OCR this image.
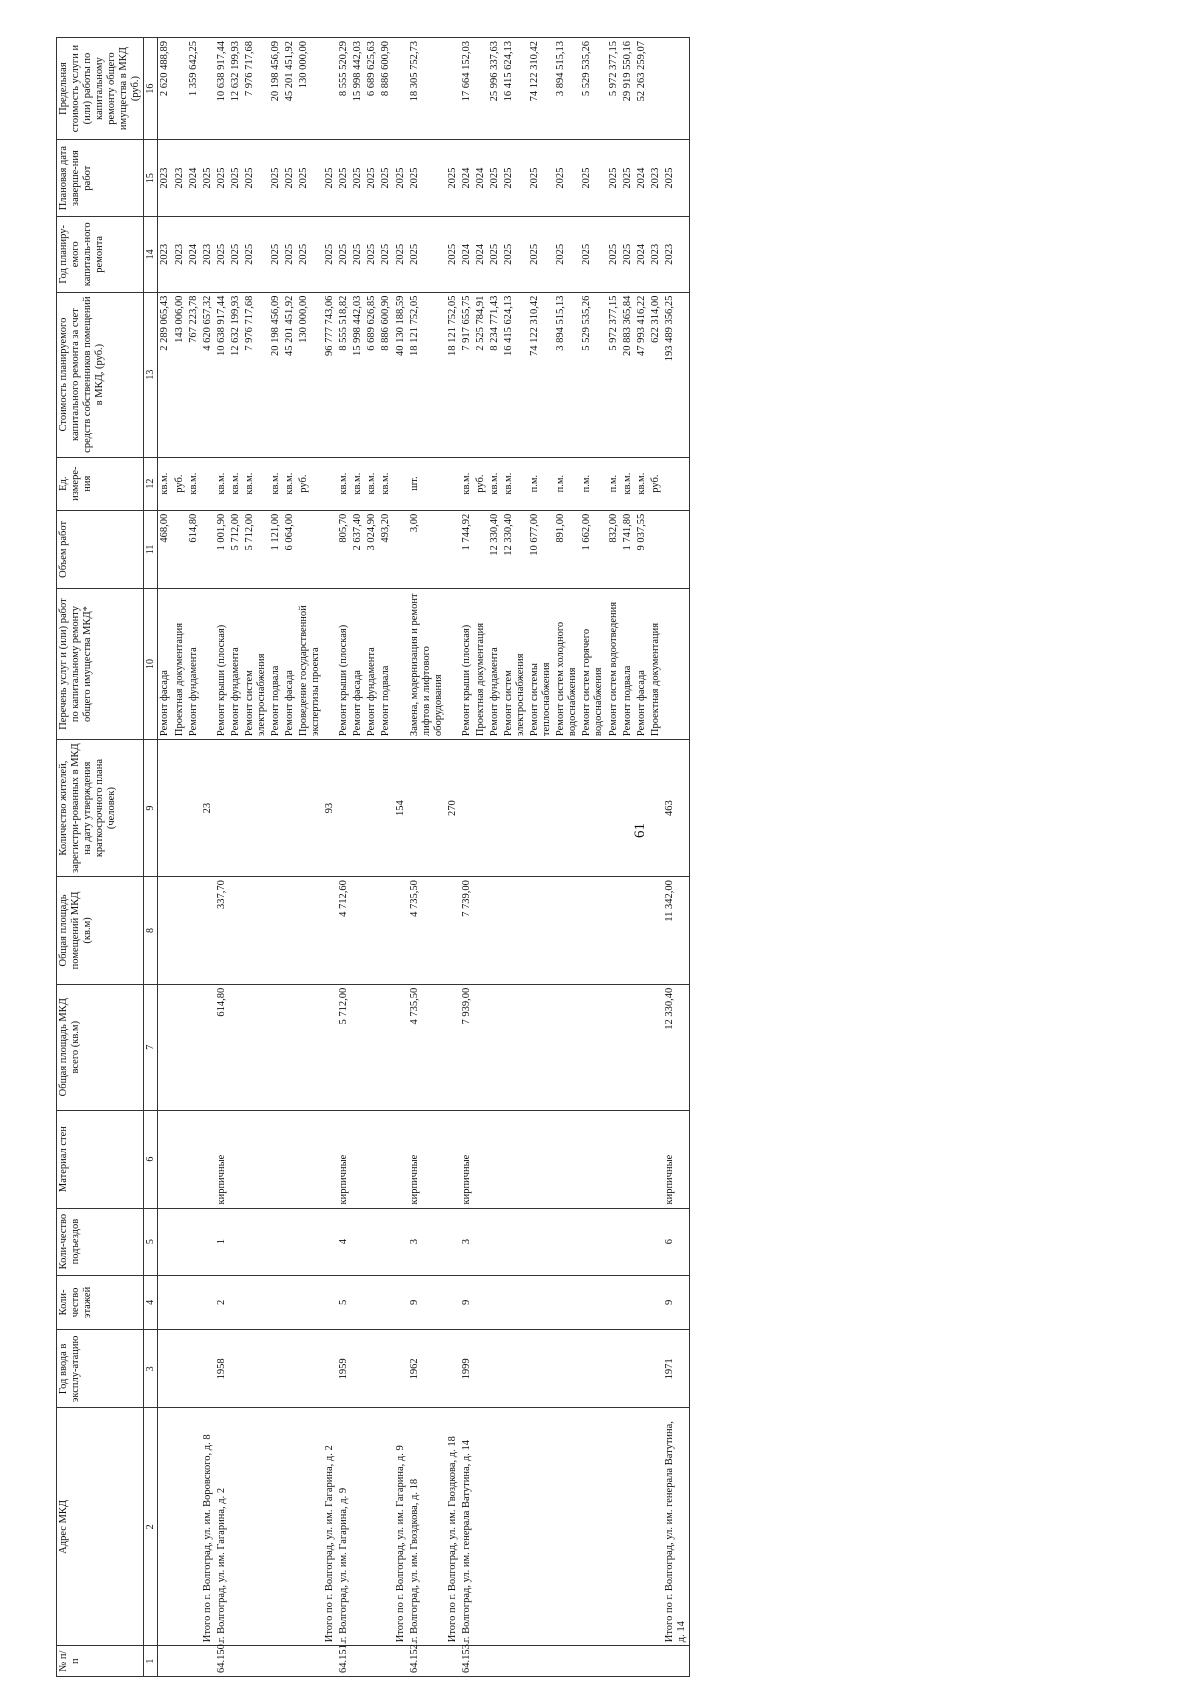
61
№ п/п	Адрес МКД	Год ввода в эксплу-атацию	Коли-чество этажей	Коли-чество подъездов	Материал стен	Общая площадь МКД всего (кв.м)	Общая площадь помещений МКД (кв.м)	Количество жителей, зарегистри-рованных в МКД на дату утверждения краткосрочного плана (человек)	Перечень услуг и (или) работ по капитальному ремонту общего имущества МКД*	Объем работ	Ед. измере-ния	Стоимость планируемого капитального ремонта за счет средств собственников помещений в МКД, (руб.)	Год планиру-емого капиталь-ного ремонта	Плановая дата заверше-ния работ	Предельная стоимость услуги и (или) работы по капитальному ремонту общего имущества в МКД (руб.)
1	2	3	4	5	6	7	8	9	10	11	12	13	14	15	16
									Ремонт фасада	468,00	кв.м.	2 289 065,43	2023	2023	2 620 488,89
									Проектная документация		руб.	143 006,00	2023	2023	
									Ремонт фундамента	614,80	кв.м.	767 223,78	2024	2024	1 359 642,25
	Итого по г. Волгоград, ул. им. Воровского, д. 8							23				4 620 657,32	2023	2025	
64.150.	г. Волгоград, ул. им. Гагарина, д. 2	1958	2	1	кирпичные	614,80	337,70		Ремонт крыши (плоская)	1 001,90	кв.м.	10 638 917,44	2025	2025	10 638 917,44
									Ремонт фундамента	5 712,00	кв.м.	12 632 199,93	2025	2025	12 632 199,93
									Ремонт систем электроснабжения	5 712,00	кв.м.	7 976 717,68	2025	2025	7 976 717,68
									Ремонт подвала	1 121,00	кв.м.	20 198 456,09	2025	2025	20 198 456,09
									Ремонт фасада	6 064,00	кв.м.	45 201 451,92	2025	2025	45 201 451,92
									Проведение государственной экспертизы проекта		руб.	130 000,00	2025	2025	130 000,00
	Итого по г. Волгоград, ул. им. Гагарина, д. 2							93				96 777 743,06	2025	2025	
64.151.	г. Волгоград, ул. им. Гагарина, д. 9	1959	5	4	кирпичные	5 712,00	4 712,60		Ремонт крыши (плоская)	805,70	кв.м.	8 555 518,82	2025	2025	8 555 520,29
									Ремонт фасада	2 637,40	кв.м.	15 998 442,03	2025	2025	15 998 442,03
									Ремонт фундамента	3 024,90	кв.м.	6 689 626,85	2025	2025	6 689 625,63
									Ремонт подвала	493,20	кв.м.	8 886 600,90	2025	2025	8 886 600,90
	Итого по г. Волгоград, ул. им. Гагарина, д. 9							154				40 130 188,59	2025	2025	
64.152.	г. Волгоград, ул. им. Гвоздкова, д. 18	1962	9	3	кирпичные	4 735,50	4 735,50		Замена, модернизация и ремонт лифтов и лифтового оборудования	3,00	шт.	18 121 752,05	2025	2025	18 305 752,73
	Итого по г. Волгоград, ул. им. Гвоздкова, д. 18							270				18 121 752,05	2025	2025	
64.153.	г. Волгоград, ул. им. генерала Ватутина, д. 14	1999	9	3	кирпичные	7 939,00	7 739,00		Ремонт крыши (плоская)	1 744,92	кв.м.	7 917 655,75	2024	2024	17 664 152,03
									Проектная документация		руб.	2 525 784,91	2024	2024	
									Ремонт фундамента	12 330,40	кв.м.	8 234 771,43	2025	2025	25 996 337,63
									Ремонт систем электроснабжения	12 330,40	кв.м.	16 415 624,13	2025	2025	16 415 624,13
									Ремонт системы теплоснабжения	10 677,00	п.м.	74 122 310,42	2025	2025	74 122 310,42
									Ремонт систем холодного водоснабжения	891,00	п.м.	3 894 515,13	2025	2025	3 894 515,13
									Ремонт систем горячего водоснабжения	1 662,00	п.м.	5 529 535,26	2025	2025	5 529 535,26
									Ремонт систем водоотведения	832,00	п.м.	5 972 377,15	2025	2025	5 972 377,15
									Ремонт подвала	1 741,80	кв.м.	20 883 365,84	2025	2025	29 919 550,16
									Ремонт фасада	9 037,55	кв.м.	47 993 416,22	2024	2024	52 263 259,07
									Проектная документация		руб.	622 314,00	2023	2023	
	Итого по г. Волгоград, ул. им. генерала Ватутина, д. 14	1971	9	6	кирпичные	12 330,40	11 342,00	463				193 489 356,25	2023	2025	
